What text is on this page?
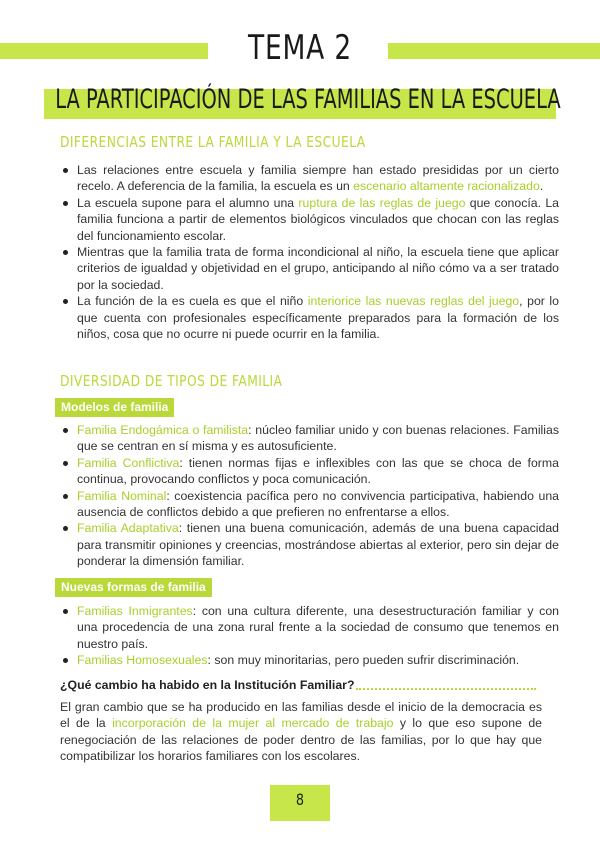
TEMA 2
LA PARTICIPACIÓN DE LAS FAMILIAS EN LA ESCUELA
DIFERENCIAS ENTRE LA FAMILIA Y LA ESCUELA
Las relaciones entre escuela y familia siempre han estado presididas por un cierto recelo. A deferencia de la familia, la escuela es un escenario altamente racionalizado.
La escuela supone para el alumno una ruptura de las reglas de juego que conocía. La familia funciona a partir de elementos biológicos vinculados que chocan con las reglas del funcionamiento escolar.
Mientras que la familia trata de forma incondicional al niño, la escuela tiene que aplicar criterios de igualdad y objetividad en el grupo, anticipando al niño cómo va a ser tratado por la sociedad.
La función de la es cuela es que el niño interiorice las nuevas reglas del juego, por lo que cuenta con profesionales específicamente preparados para la formación de los niños, cosa que no ocurre ni puede ocurrir en la familia.
DIVERSIDAD DE TIPOS DE FAMILIA
Modelos de familia
Familia Endogámica o familista: núcleo familiar unido y con buenas relaciones. Familias que se centran en sí misma y es autosuficiente.
Familia Conflictiva: tienen normas fijas e inflexibles con las que se choca de forma continua, provocando conflictos y poca comunicación.
Familia Nominal: coexistencia pacífica pero no convivencia participativa, habiendo una ausencia de conflictos debido a que prefieren no enfrentarse a ellos.
Familia Adaptativa: tienen una buena comunicación, además de una buena capacidad para transmitir opiniones y creencias, mostrándose abiertas al exterior, pero sin dejar de ponderar la dimensión familiar.
Nuevas formas de familia
Familias Inmigrantes: con una cultura diferente, una desestructuración familiar y con una procedencia de una zona rural frente a la sociedad de consumo que tenemos en nuestro país.
Familias Homosexuales: son muy minoritarias, pero pueden sufrir discriminación.
¿Qué cambio ha habido en la Institución Familiar?
El gran cambio que se ha producido en las familias desde el inicio de la democracia es el de la incorporación de la mujer al mercado de trabajo y lo que eso supone de renegociación de las relaciones de poder dentro de las familias, por lo que hay que compatibilizar los horarios familiares con los escolares.
8
